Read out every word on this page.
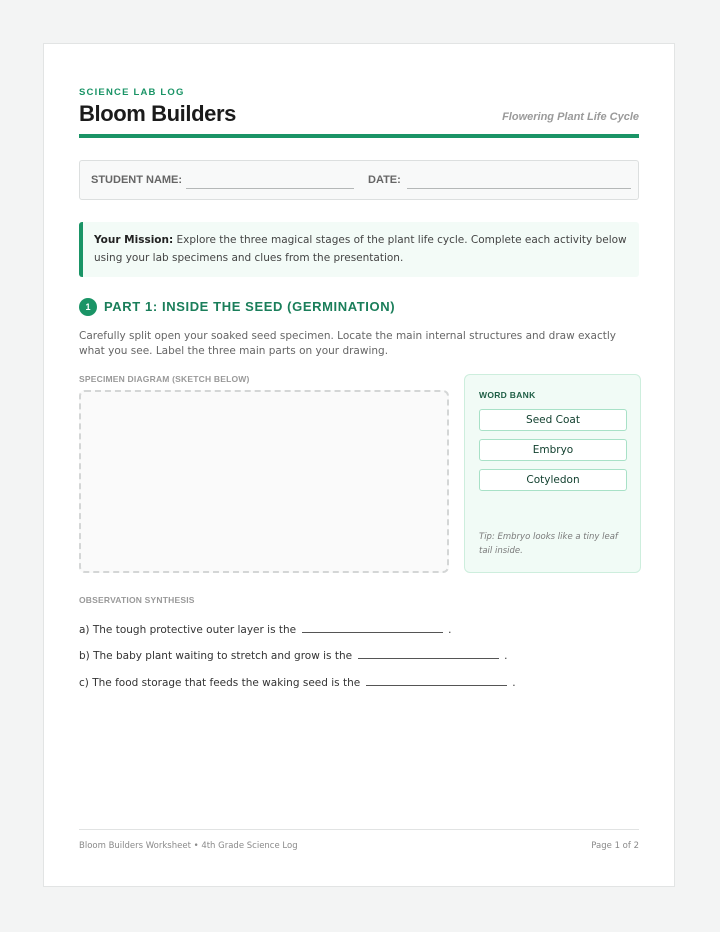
SCIENCE LAB LOG
Bloom Builders	Flowering Plant Life Cycle
STUDENT NAME:	DATE:
Your Mission: Explore the three magical stages of the plant life cycle. Complete each activity below using your lab specimens and clues from the presentation.
1	PART 1: INSIDE THE SEED (GERMINATION)
Carefully split open your soaked seed specimen. Locate the main internal structures and draw exactly what you see. Label the three main parts on your drawing.
SPECIMEN DIAGRAM (SKETCH BELOW)
WORD BANK
Seed Coat
Embryo
Cotyledon
Tip: Embryo looks like a tiny leaf tail inside.
OBSERVATION SYNTHESIS
a) The tough protective outer layer is the	.
b) The baby plant waiting to stretch and grow is the	.
c) The food storage that feeds the waking seed is the	.
Bloom Builders Worksheet • 4th Grade Science Log	Page 1 of 2
